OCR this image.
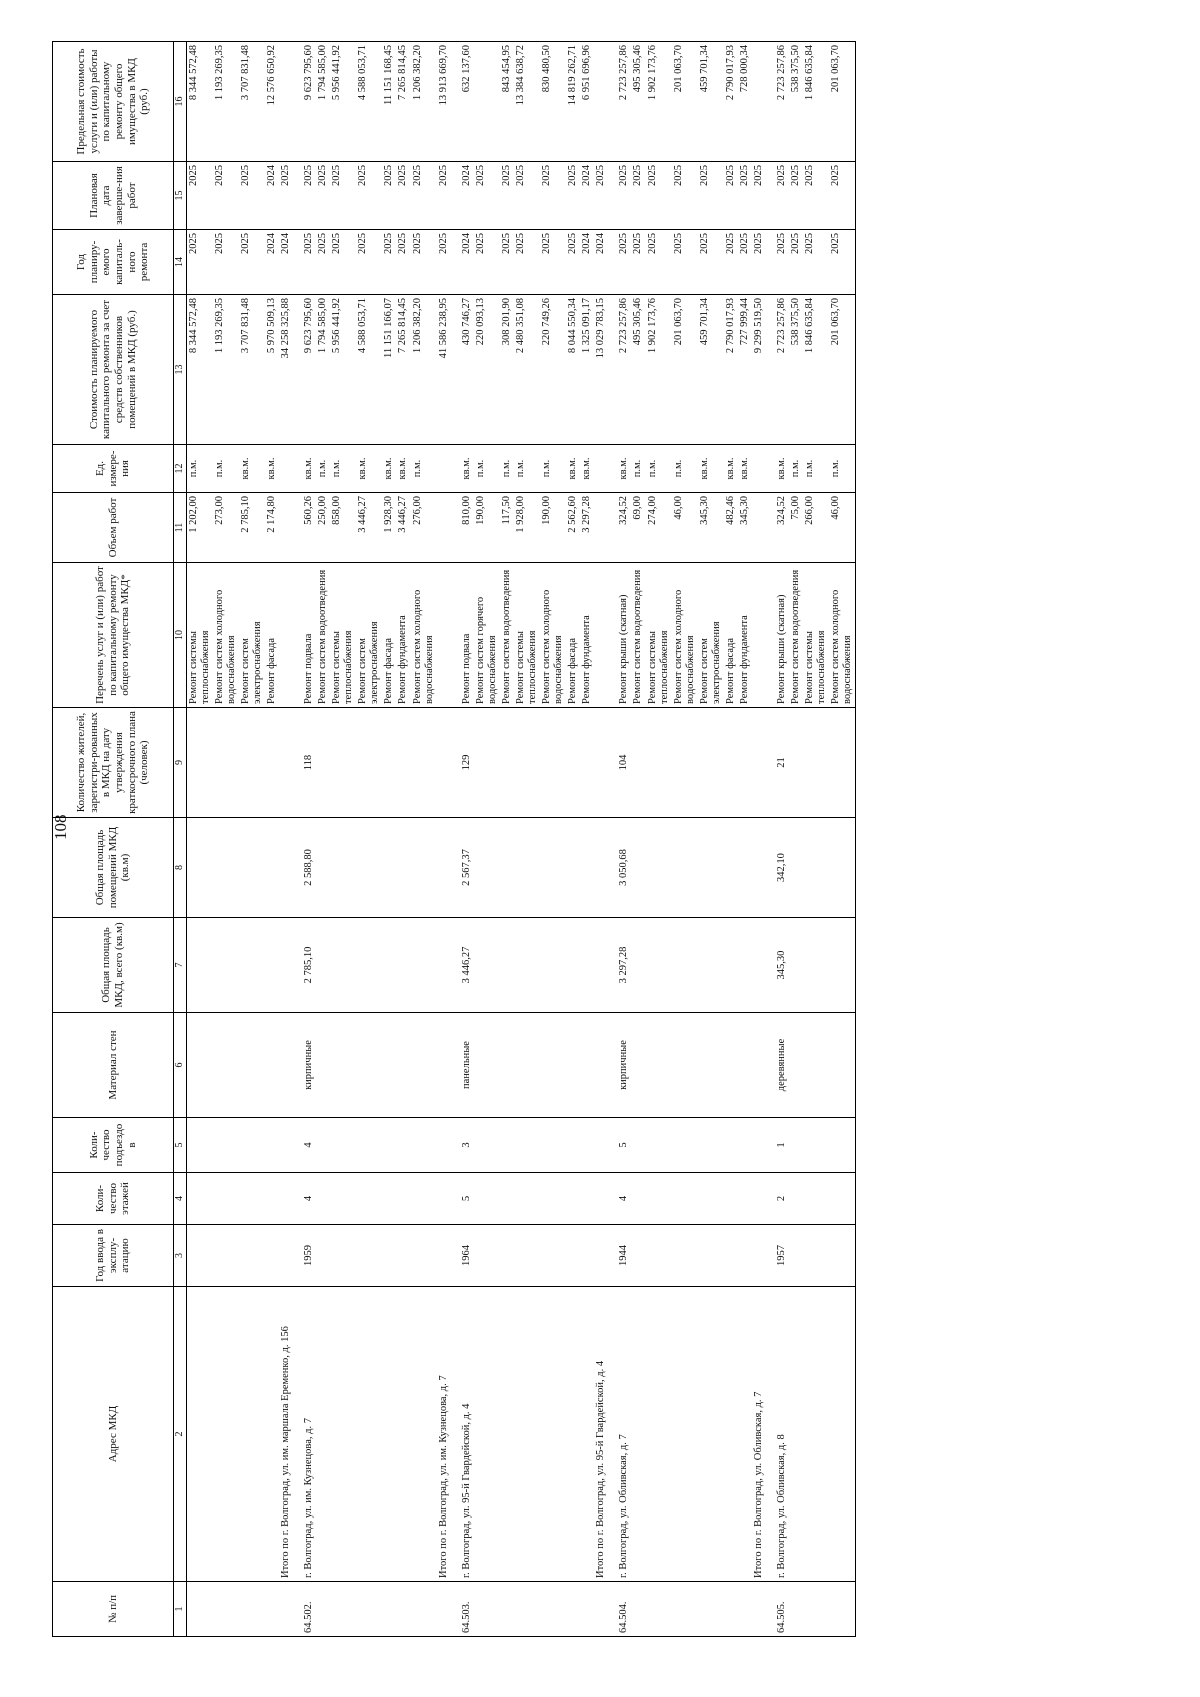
108
№ п/п	Адрес МКД	Год ввода в эксплу-атацию	Коли-чество этажей	Коли-чество подъездо в	Материал стен	Общая площадь МКД, всего (кв.м)	Общая площадь помещений МКД (кв.м)	Количество жителей, зарегистри-рованных в МКД на дату утверждения краткосрочного плана (человек)	Перечень услуг и (или) работ по капитальному ремонту общего имущества МКД*	Объем работ	Ед. измере-ния	Стоимость планируемого капитального ремонта за счет средств собственников помещений в МКД (руб.)	Год планиру-емого капиталь-ного ремонта	Плановая дата заверше-ния работ	Предельная стоимость услуги и (или) работы по капитальному ремонту общего имущества в МКД (руб.)
1	2	3	4	5	6	7	8	9	10	11	12	13	14	15	16
									Ремонт системы теплоснабжения	1 202,00	п.м.	8 344 572,48	2025	2025	8 344 572,48
									Ремонт систем холодного водоснабжения	273,00	п.м.	1 193 269,35	2025	2025	1 193 269,35
									Ремонт систем электроснабжения	2 785,10	кв.м.	3 707 831,48	2025	2025	3 707 831,48
									Ремонт фасада	2 174,80	кв.м.	5 970 509,13	2024	2024	12 576 650,92
	Итого по г. Волгоград, ул. им. маршала Еременко, д. 156											34 258 325,88	2024	2025	
64.502.	г. Волгоград, ул. им. Кузнецова, д. 7	1959	4	4	кирпичные	2 785,10	2 588,80	118	Ремонт подвала	560,26	кв.м.	9 623 795,60	2025	2025	9 623 795,60
									Ремонт систем водоотведения	250,00	п.м.	1 794 585,00	2025	2025	1 794 585,00
									Ремонт системы теплоснабжения	858,00	п.м.	5 956 441,92	2025	2025	5 956 441,92
									Ремонт систем электроснабжения	3 446,27	кв.м.	4 588 053,71	2025	2025	4 588 053,71
									Ремонт фасада	1 928,30	кв.м.	11 151 166,07	2025	2025	11 151 168,45
									Ремонт фундамента	3 446,27	кв.м.	7 265 814,45	2025	2025	7 265 814,45
									Ремонт систем холодного водоснабжения	276,00	п.м.	1 206 382,20	2025	2025	1 206 382,20
	Итого по г. Волгоград, ул. им. Кузнецова, д. 7											41 586 238,95	2025	2025	13 913 669,70
64.503.	г. Волгоград, ул. 95-й Гвардейской, д. 4	1964	5	3	панельные	3 446,27	2 567,37	129	Ремонт подвала	810,00	кв.м.	430 746,27	2024	2024	632 137,60
									Ремонт систем горячего водоснабжения	190,00	п.м.	220 093,13	2025	2025	
									Ремонт систем водоотведения	117,50	п.м.	308 201,90	2025	2025	843 454,95
									Ремонт системы теплоснабжения	1 928,00	п.м.	2 480 351,08	2025	2025	13 384 638,72
									Ремонт систем холодного водоснабжения	190,00	п.м.	220 749,26	2025	2025	830 480,50
									Ремонт фасада	2 562,60	кв.м.	8 044 550,34	2025	2025	14 819 262,71
									Ремонт фундамента	3 297,28	кв.м.	1 325 091,17	2024	2024	6 951 696,96
	Итого по г. Волгоград, ул. 95-й Гвардейской, д. 4											13 029 783,15	2024	2025	
64.504.	г. Волгоград, ул. Обливская, д. 7	1944	4	5	кирпичные	3 297,28	3 050,68	104	Ремонт крыши (скатная)	324,52	кв.м.	2 723 257,86	2025	2025	2 723 257,86
									Ремонт систем водоотведения	69,00	п.м.	495 305,46	2025	2025	495 305,46
									Ремонт системы теплоснабжения	274,00	п.м.	1 902 173,76	2025	2025	1 902 173,76
									Ремонт систем холодного водоснабжения	46,00	п.м.	201 063,70	2025	2025	201 063,70
									Ремонт систем электроснабжения	345,30	кв.м.	459 701,34	2025	2025	459 701,34
									Ремонт фасада	482,46	кв.м.	2 790 017,93	2025	2025	2 790 017,93
									Ремонт фундамента	345,30	кв.м.	727 999,44	2025	2025	728 000,34
	Итого по г. Волгоград, ул. Обливская, д. 7											9 299 519,50	2025	2025	
64.505.	г. Волгоград, ул. Обливская, д. 8	1957	2	1	деревянные	345,30	342,10	21	Ремонт крыши (скатная)	324,52	кв.м.	2 723 257,86	2025	2025	2 723 257,86
									Ремонт систем водоотведения	75,00	п.м.	538 375,50	2025	2025	538 375,50
									Ремонт системы теплоснабжения	266,00	п.м.	1 846 635,84	2025	2025	1 846 635,84
									Ремонт систем холодного водоснабжения	46,00	п.м.	201 063,70	2025	2025	201 063,70
